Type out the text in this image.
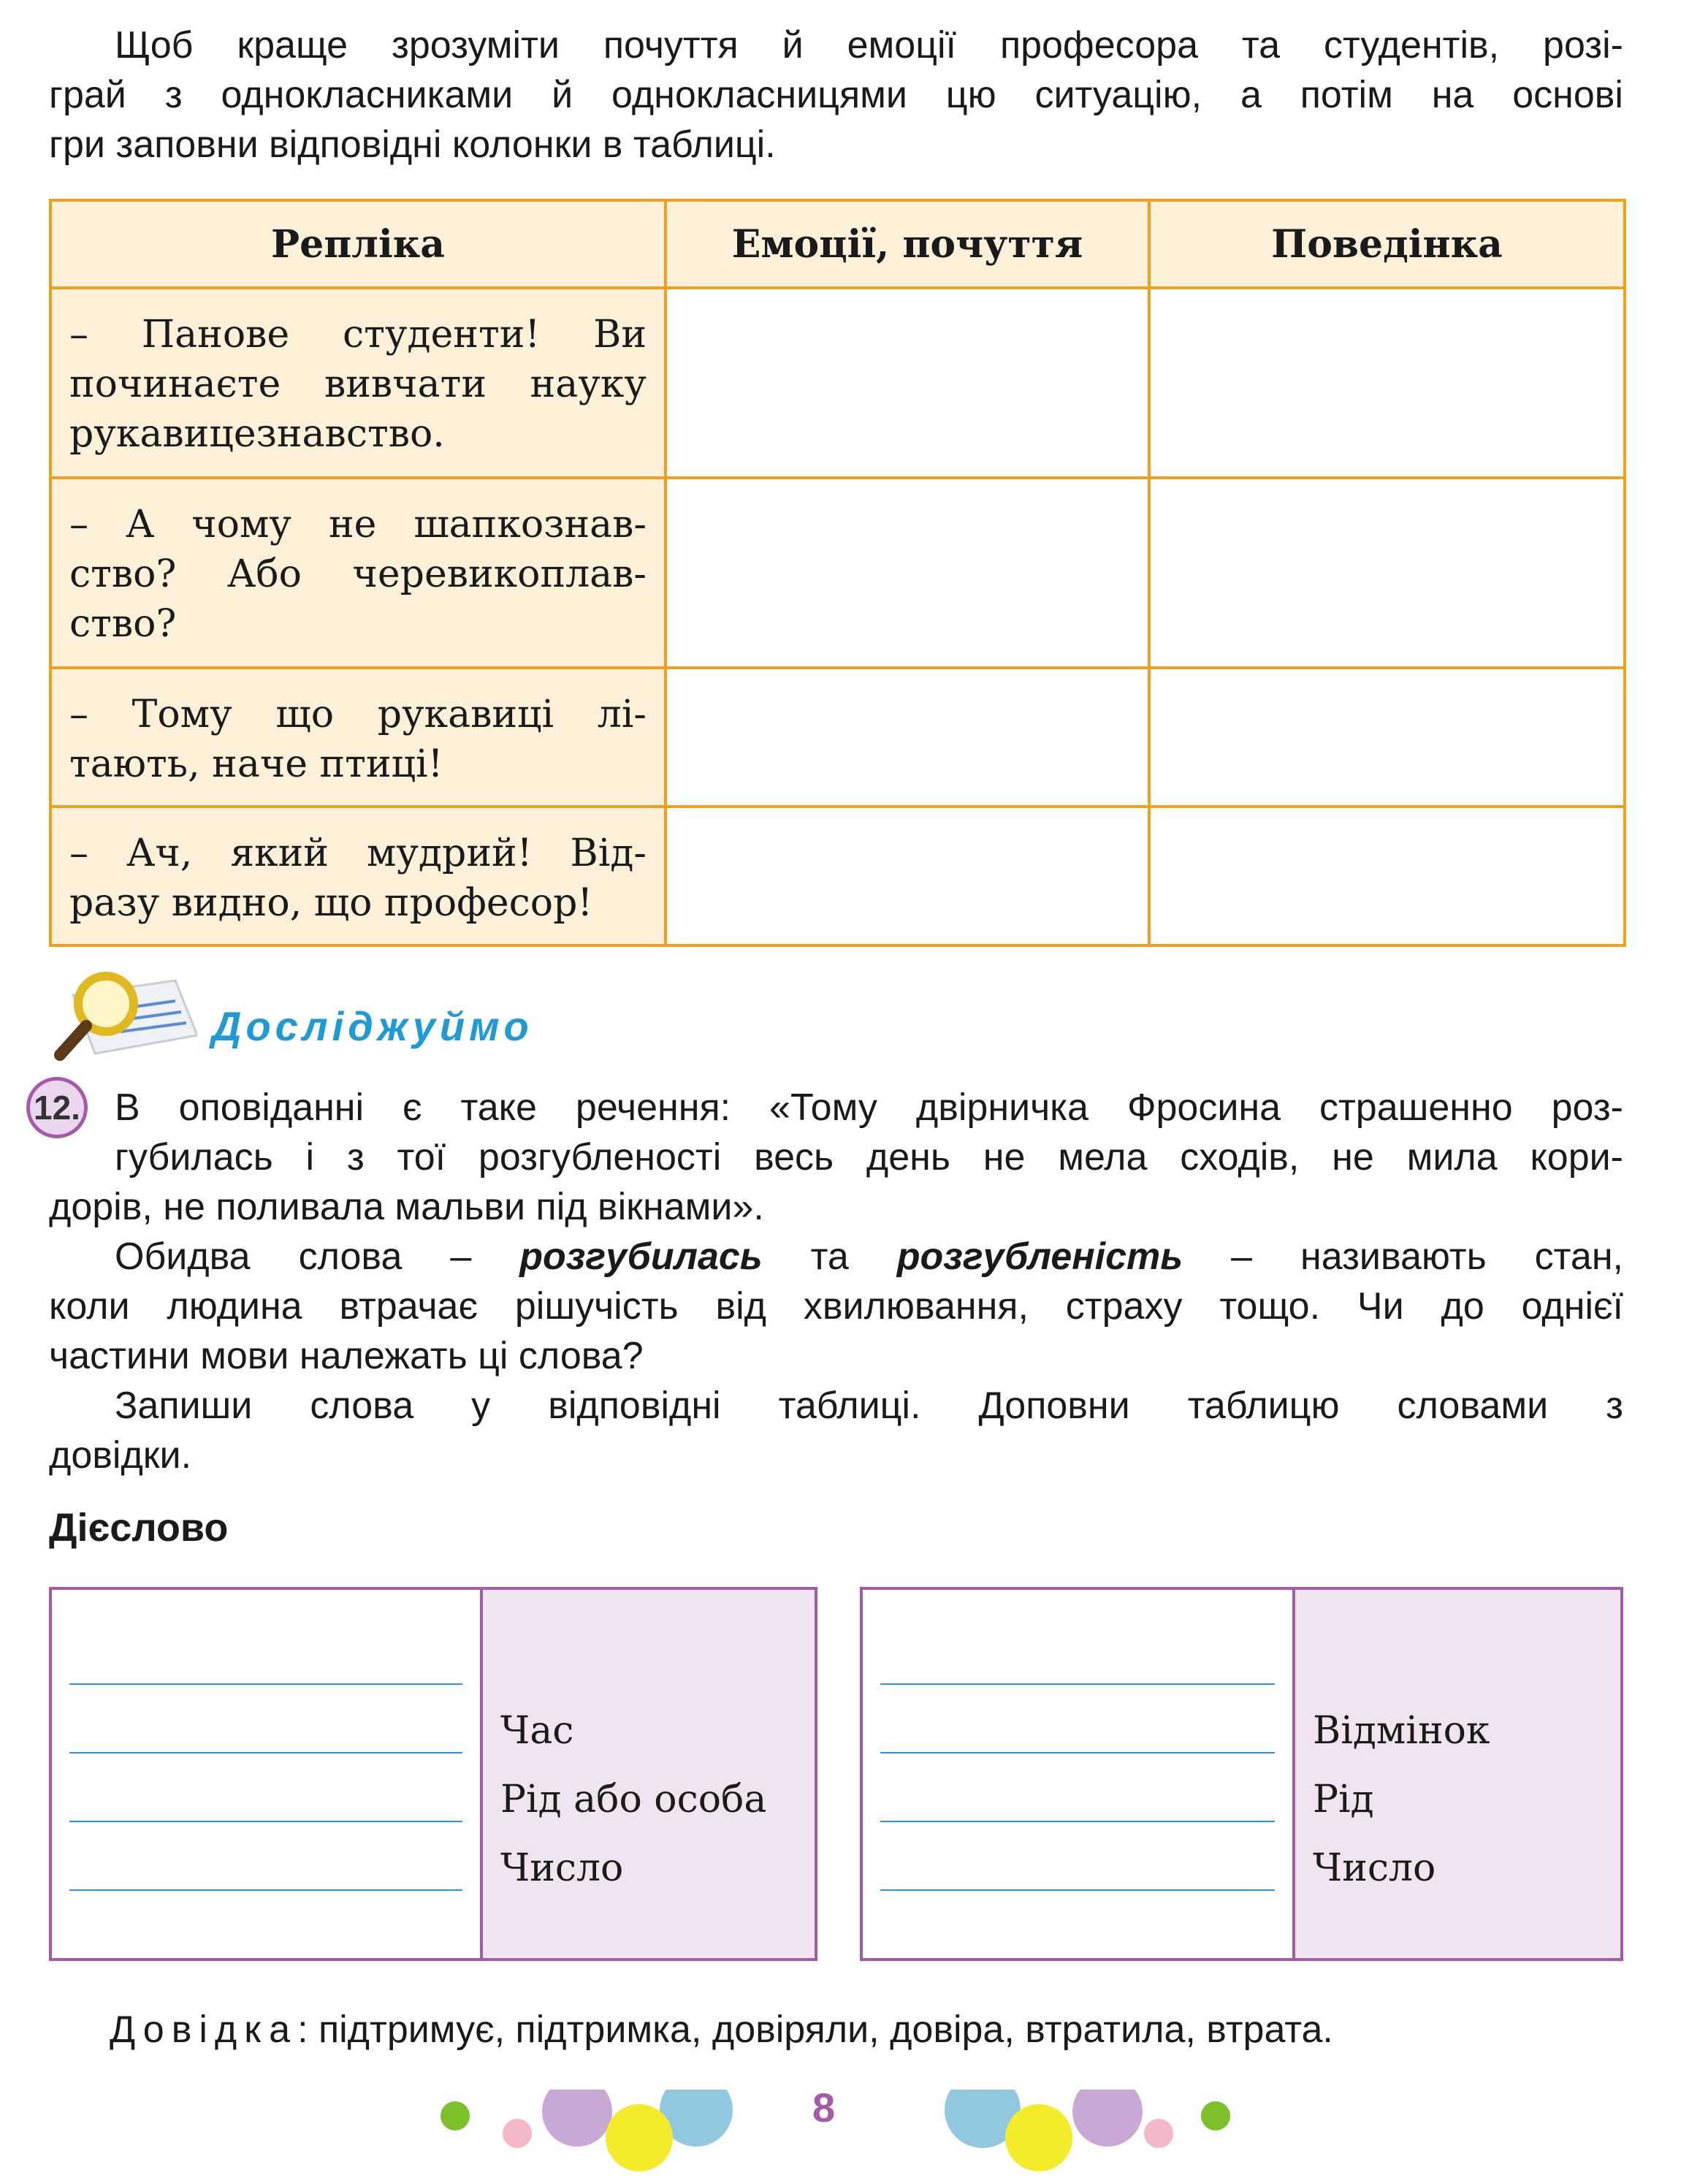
Щоб краще зрозуміти почуття й емоції професора та студентів, розі-
грай з однокласниками й однокласницями цю ситуацію, а потім на основі
гри заповни відповідні колонки в таблиці.
Репліка	Емоції, почуття	Поведінка

– Панове студенти! Ви
починаєте вивчати науку
рукавицезнавство.		

– А чому не шапкознав-
ство? Або черевикоплав-
ство?		

– Тому що рукавиці лі-
тають, наче птиці!		

– Ач, який мудрий! Від-
разу видно, що професор!		

Досліджуймо
12. В оповіданні є таке речення: «Тому двірничка Фросина страшенно роз-
губилась і з тої розгубленості весь день не мела сходів, не мила кори-
дорів, не поливала мальви під вікнами».
Обидва слова – розгубилась та розгубленість – називають стан,
коли людина втрачає рішучість від хвилювання, страху тощо. Чи до однієї
частини мови належать ці слова?
Запиши слова у відповідні таблиці. Доповни таблицю словами з
довідки.
Дієслово
Час
Рід або особа
Число
Відмінок
Рід
Число

Довідка: підтримує, підтримка, довіряли, довіра, втратила, втрата.

8
